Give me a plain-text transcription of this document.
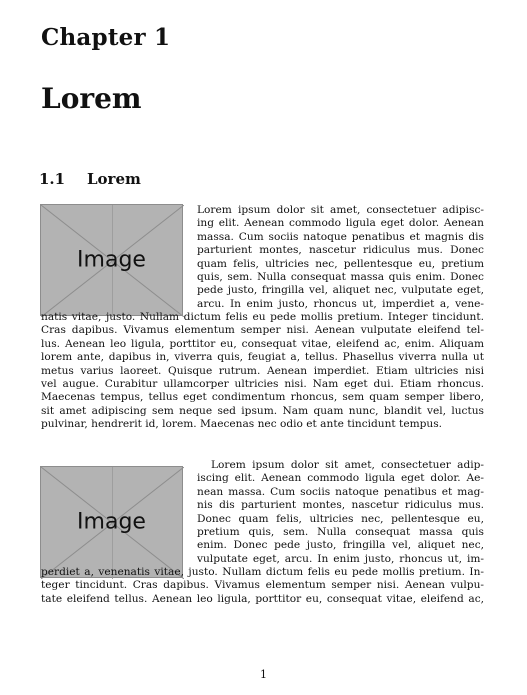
Chapter 1
Lorem
1.1 Lorem
Image
Image
Lorem ipsum dolor sit amet, consectetuer adipisc-
ing elit. Aenean commodo ligula eget dolor. Aenean
massa. Cum sociis natoque penatibus et magnis dis
parturient montes, nascetur ridiculus mus. Donec
quam felis, ultricies nec, pellentesque eu, pretium
quis, sem. Nulla consequat massa quis enim. Donec
pede justo, fringilla vel, aliquet nec, vulputate eget,
arcu. In enim justo, rhoncus ut, imperdiet a, vene-
natis vitae, justo. Nullam dictum felis eu pede mollis pretium. Integer tincidunt.
Cras dapibus. Vivamus elementum semper nisi. Aenean vulputate eleifend tel-
lus. Aenean leo ligula, porttitor eu, consequat vitae, eleifend ac, enim. Aliquam
lorem ante, dapibus in, viverra quis, feugiat a, tellus. Phasellus viverra nulla ut
metus varius laoreet. Quisque rutrum. Aenean imperdiet. Etiam ultricies nisi
vel augue. Curabitur ullamcorper ultricies nisi. Nam eget dui. Etiam rhoncus.
Maecenas tempus, tellus eget condimentum rhoncus, sem quam semper libero,
sit amet adipiscing sem neque sed ipsum. Nam quam nunc, blandit vel, luctus
pulvinar, hendrerit id, lorem. Maecenas nec odio et ante tincidunt tempus.
Lorem ipsum dolor sit amet, consectetuer adip-
iscing elit. Aenean commodo ligula eget dolor. Ae-
nean massa. Cum sociis natoque penatibus et mag-
nis dis parturient montes, nascetur ridiculus mus.
Donec quam felis, ultricies nec, pellentesque eu,
pretium quis, sem. Nulla consequat massa quis
enim. Donec pede justo, fringilla vel, aliquet nec,
vulputate eget, arcu. In enim justo, rhoncus ut, im-
perdiet a, venenatis vitae, justo. Nullam dictum felis eu pede mollis pretium. In-
teger tincidunt. Cras dapibus. Vivamus elementum semper nisi. Aenean vulpu-
tate eleifend tellus. Aenean leo ligula, porttitor eu, consequat vitae, eleifend ac,
1
